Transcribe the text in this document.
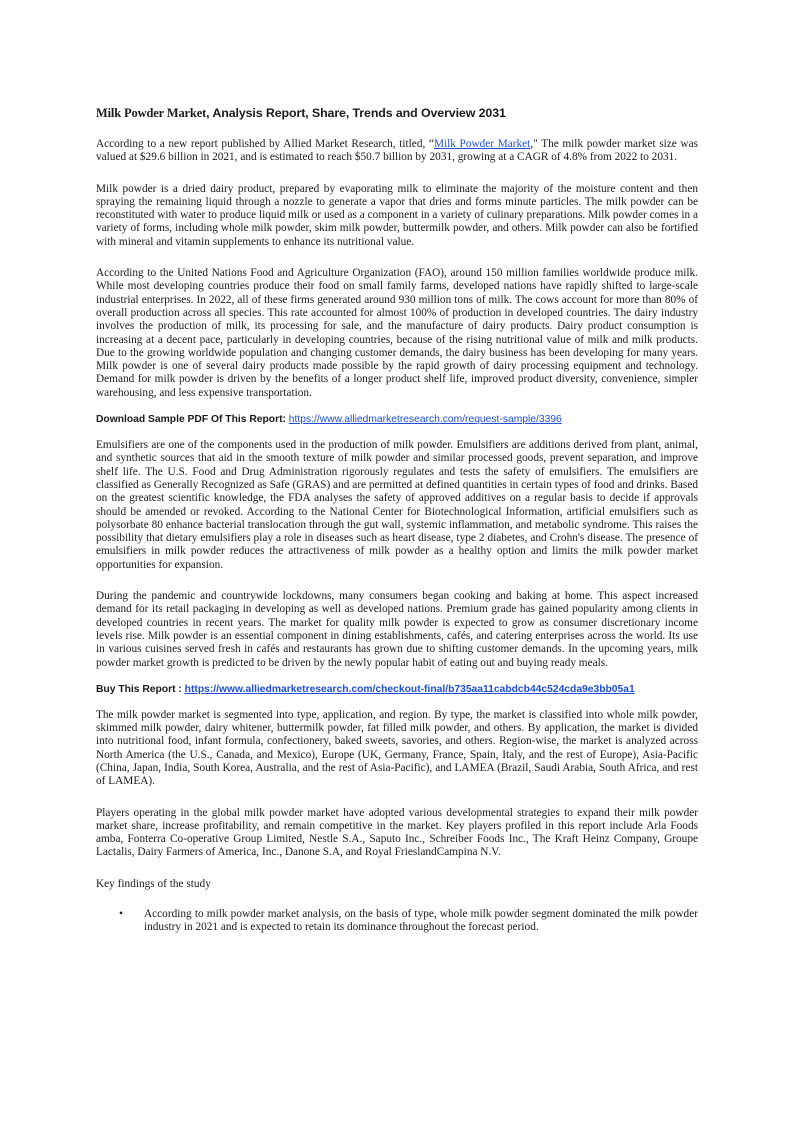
Milk Powder Market, Analysis Report, Share, Trends and Overview 2031

According to a new report published by Allied Market Research, titled, “Milk Powder Market," The milk powder market size was valued at $29.6 billion in 2021, and is estimated to reach $50.7 billion by 2031, growing at a CAGR of 4.8% from 2022 to 2031.

Milk powder is a dried dairy product, prepared by evaporating milk to eliminate the majority of the moisture content and then spraying the remaining liquid through a nozzle to generate a vapor that dries and forms minute particles. The milk powder can be reconstituted with water to produce liquid milk or used as a component in a variety of culinary preparations. Milk powder comes in a variety of forms, including whole milk powder, skim milk powder, buttermilk powder, and others. Milk powder can also be fortified with mineral and vitamin supplements to enhance its nutritional value.

According to the United Nations Food and Agriculture Organization (FAO), around 150 million families worldwide produce milk. While most developing countries produce their food on small family farms, developed nations have rapidly shifted to large-scale industrial enterprises. In 2022, all of these firms generated around 930 million tons of milk. The cows account for more than 80% of overall production across all species. This rate accounted for almost 100% of production in developed countries. The dairy industry involves the production of milk, its processing for sale, and the manufacture of dairy products. Dairy product consumption is increasing at a decent pace, particularly in developing countries, because of the rising nutritional value of milk and milk products. Due to the growing worldwide population and changing customer demands, the dairy business has been developing for many years. Milk powder is one of several dairy products made possible by the rapid growth of dairy processing equipment and technology. Demand for milk powder is driven by the benefits of a longer product shelf life, improved product diversity, convenience, simpler warehousing, and less expensive transportation.

Download Sample PDF Of This Report: https://www.alliedmarketresearch.com/request-sample/3396

Emulsifiers are one of the components used in the production of milk powder. Emulsifiers are additions derived from plant, animal, and synthetic sources that aid in the smooth texture of milk powder and similar processed goods, prevent separation, and improve shelf life. The U.S. Food and Drug Administration rigorously regulates and tests the safety of emulsifiers. The emulsifiers are classified as Generally Recognized as Safe (GRAS) and are permitted at defined quantities in certain types of food and drinks. Based on the greatest scientific knowledge, the FDA analyses the safety of approved additives on a regular basis to decide if approvals should be amended or revoked. According to the National Center for Biotechnological Information, artificial emulsifiers such as polysorbate 80 enhance bacterial translocation through the gut wall, systemic inflammation, and metabolic syndrome. This raises the possibility that dietary emulsifiers play a role in diseases such as heart disease, type 2 diabetes, and Crohn's disease. The presence of emulsifiers in milk powder reduces the attractiveness of milk powder as a healthy option and limits the milk powder market opportunities for expansion.

During the pandemic and countrywide lockdowns, many consumers began cooking and baking at home. This aspect increased demand for its retail packaging in developing as well as developed nations. Premium grade has gained popularity among clients in developed countries in recent years. The market for quality milk powder is expected to grow as consumer discretionary income levels rise. Milk powder is an essential component in dining establishments, cafés, and catering enterprises across the world. Its use in various cuisines served fresh in cafés and restaurants has grown due to shifting customer demands. In the upcoming years, milk powder market growth is predicted to be driven by the newly popular habit of eating out and buying ready meals.

Buy This Report : https://www.alliedmarketresearch.com/checkout-final/b735aa11cabdcb44c524cda9e3bb05a1

The milk powder market is segmented into type, application, and region. By type, the market is classified into whole milk powder, skimmed milk powder, dairy whitener, buttermilk powder, fat filled milk powder, and others. By application, the market is divided into nutritional food, infant formula, confectionery, baked sweets, savories, and others. Region-wise, the market is analyzed across North America (the U.S., Canada, and Mexico), Europe (UK, Germany, France, Spain, Italy, and the rest of Europe), Asia-Pacific (China, Japan, India, South Korea, Australia, and the rest of Asia-Pacific), and LAMEA (Brazil, Saudi Arabia, South Africa, and rest of LAMEA).

Players operating in the global milk powder market have adopted various developmental strategies to expand their milk powder market share, increase profitability, and remain competitive in the market. Key players profiled in this report include Arla Foods amba, Fonterra Co-operative Group Limited, Nestle S.A., Saputo Inc., Schreiber Foods Inc., The Kraft Heinz Company, Groupe Lactalis, Dairy Farmers of America, Inc., Danone S.A, and Royal FrieslandCampina N.V.

Key findings of the study
• According to milk powder market analysis, on the basis of type, whole milk powder segment dominated the milk powder industry in 2021 and is expected to retain its dominance throughout the forecast period.
